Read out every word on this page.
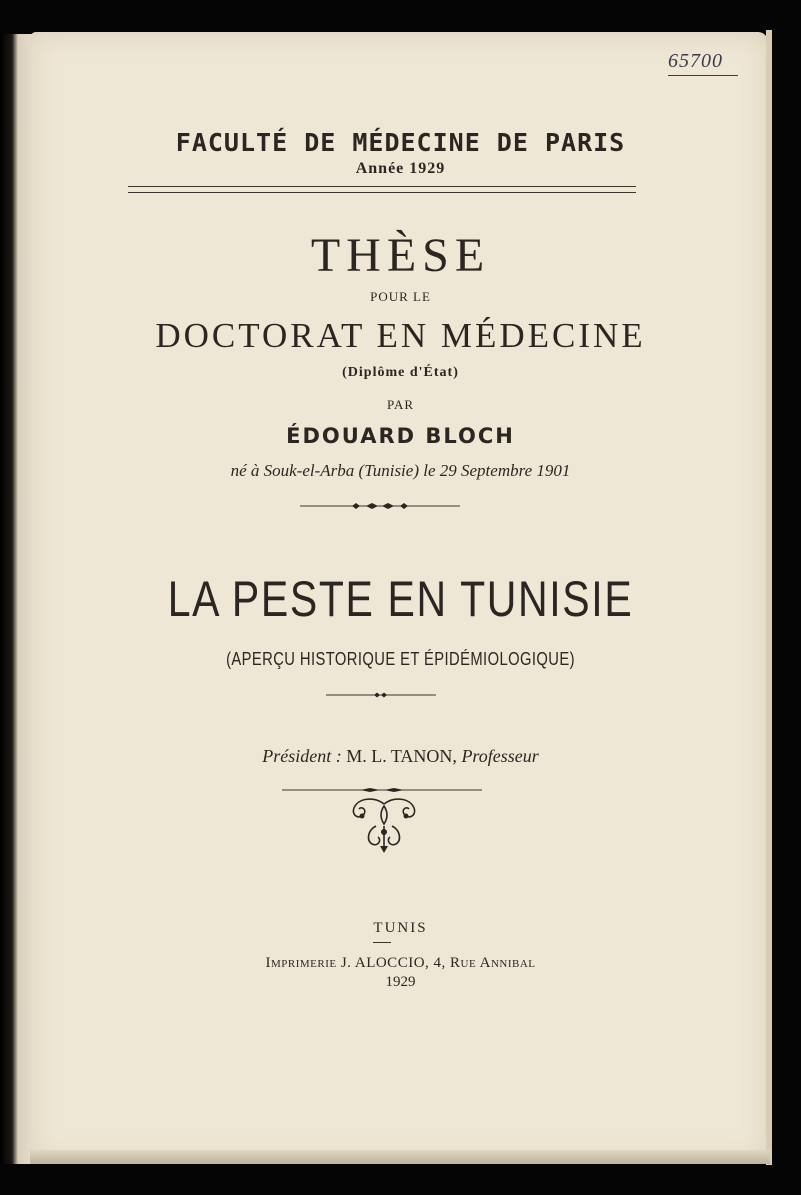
65700
FACULTÉ DE MÉDECINE DE PARIS
Année 1929
THÈSE
POUR LE
DOCTORAT EN MÉDECINE
(Diplôme d'État)
PAR
ÉDOUARD BLOCH
né à Souk-el-Arba (Tunisie) le 29 Septembre 1901
LA PESTE EN TUNISIE
(APERÇU HISTORIQUE ET ÉPIDÉMIOLOGIQUE)
Président : M. L. TANON, Professeur
TUNIS
Imprimerie J. ALOCCIO, 4, Rue Annibal
1929
